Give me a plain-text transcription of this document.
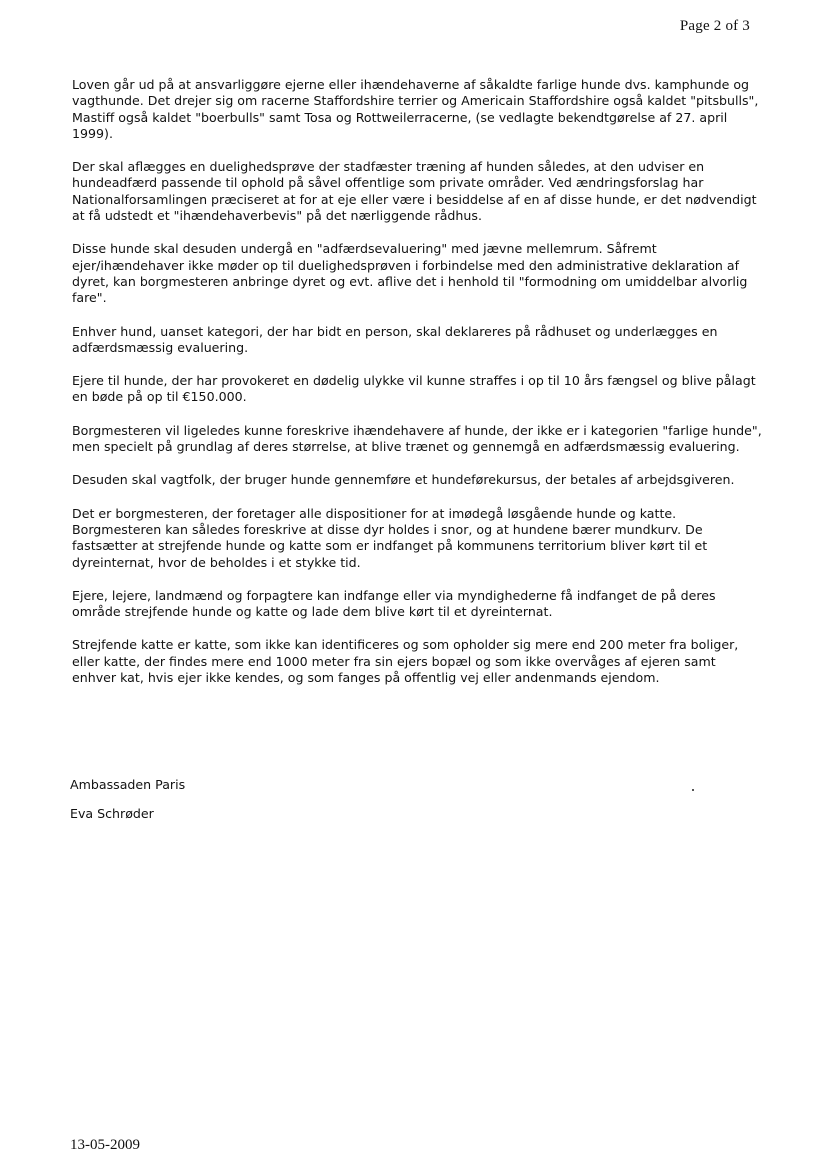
Page 2 of 3

Loven går ud på at ansvarliggøre ejerne eller ihændehaverne af såkaldte farlige hunde dvs. kamphunde og vagthunde. Det drejer sig om racerne Staffordshire terrier og Americain Staffordshire også kaldet "pitsbulls", Mastiff også kaldet "boerbulls" samt Tosa og Rottweilerracerne, (se vedlagte bekendtgørelse af 27. april 1999).

Der skal aflægges en duelighedsprøve der stadfæster træning af hunden således, at den udviser en hundeadfærd passende til ophold på såvel offentlige som private områder. Ved ændringsforslag har Nationalforsamlingen præciseret at for at eje eller være i besiddelse af en af disse hunde, er det nødvendigt at få udstedt et "ihændehaverbevis" på det nærliggende rådhus.

Disse hunde skal desuden undergå en "adfærdsevaluering" med jævne mellemrum. Såfremt ejer/ihændehaver ikke møder op til duelighedsprøven i forbindelse med den administrative deklaration af dyret, kan borgmesteren anbringe dyret og evt. aflive det i henhold til "formodning om umiddelbar alvorlig fare".

Enhver hund, uanset kategori, der har bidt en person, skal deklareres på rådhuset og underlægges en adfærdsmæssig evaluering.

Ejere til hunde, der har provokeret en dødelig ulykke vil kunne straffes i op til 10 års fængsel og blive pålagt en bøde på op til €150.000.

Borgmesteren vil ligeledes kunne foreskrive ihændehavere af hunde, der ikke er i kategorien "farlige hunde", men specielt på grundlag af deres størrelse, at blive trænet og gennemgå en adfærdsmæssig evaluering.

Desuden skal vagtfolk, der bruger hunde gennemføre et hundeførekursus, der betales af arbejdsgiveren.

Det er borgmesteren, der foretager alle dispositioner for at imødegå løsgående hunde og katte. Borgmesteren kan således foreskrive at disse dyr holdes i snor, og at hundene bærer mundkurv. De fastsætter at strejfende hunde og katte som er indfanget på kommunens territorium bliver kørt til et dyreinternat, hvor de beholdes i et stykke tid.

Ejere, lejere, landmænd og forpagtere kan indfange eller via myndighederne få indfanget de på deres område strejfende hunde og katte og lade dem blive kørt til et dyreinternat.

Strejfende katte er katte, som ikke kan identificeres og som opholder sig mere end 200 meter fra boliger, eller katte, der findes mere end 1000 meter fra sin ejers bopæl og som ikke overvåges af ejeren samt enhver kat, hvis ejer ikke kendes, og som fanges på offentlig vej eller andenmands ejendom.

Ambassaden Paris
Eva Schrøder
13-05-2009
